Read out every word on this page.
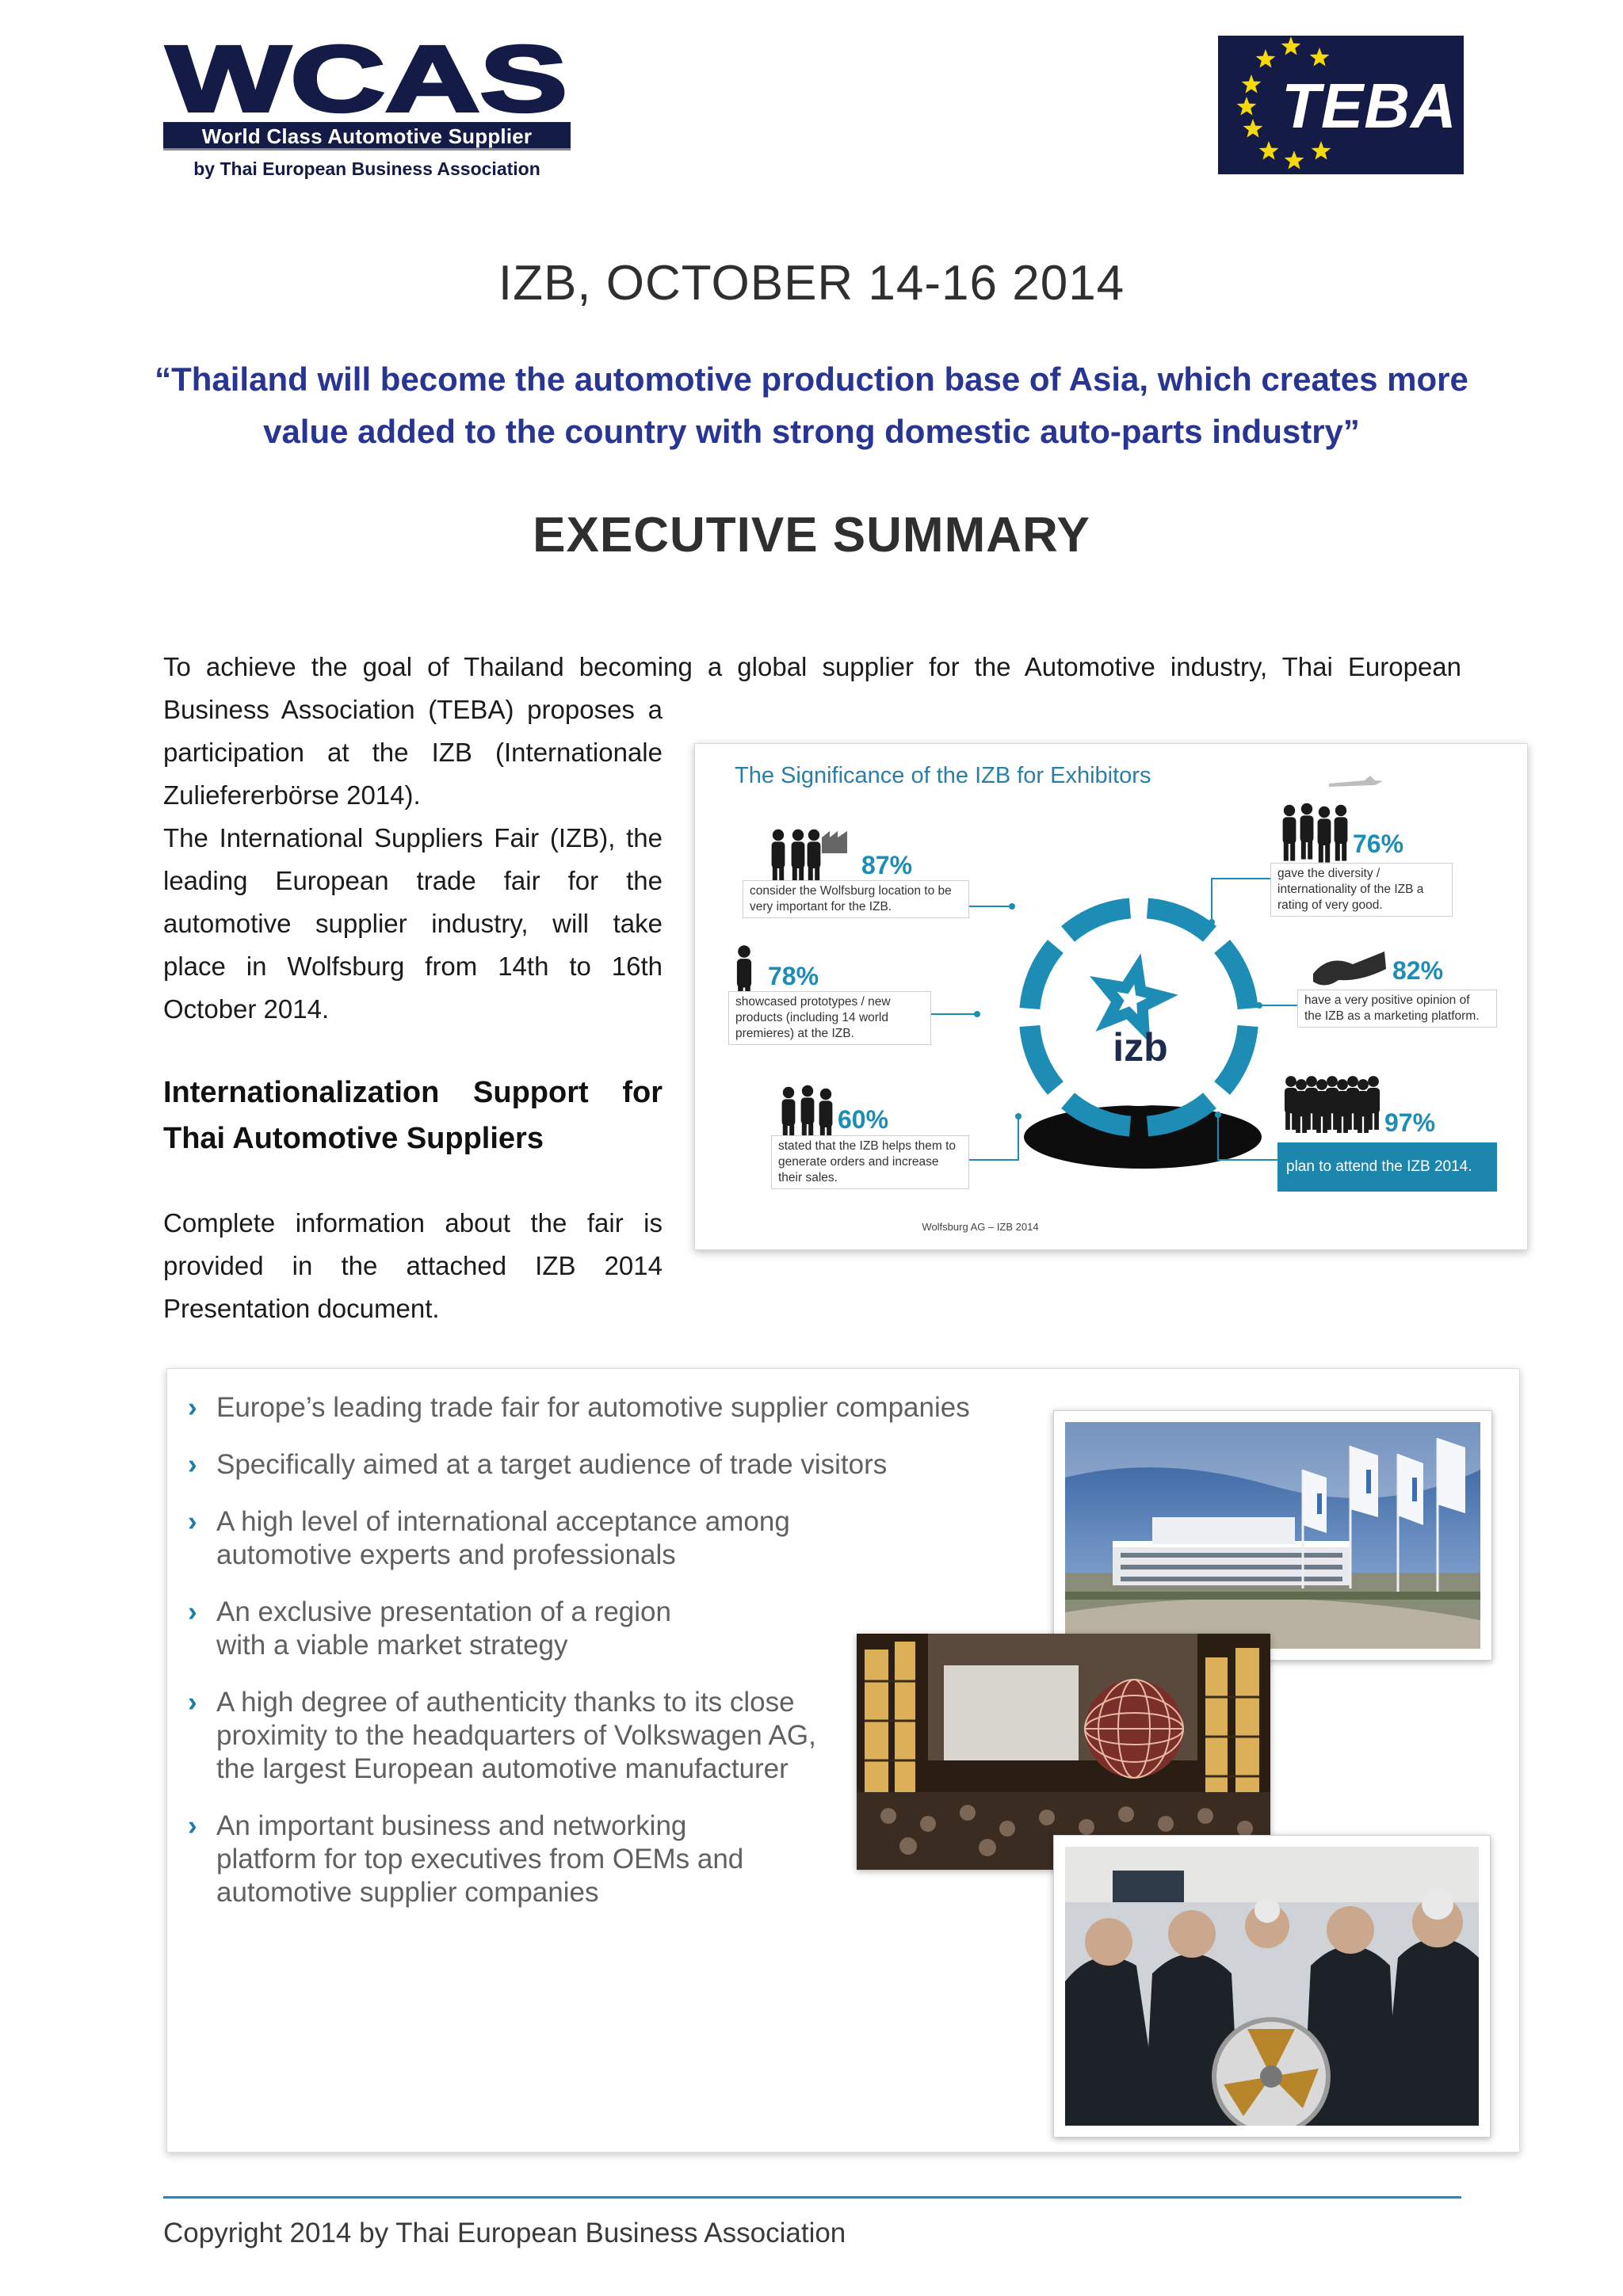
WCAS
World Class Automotive Supplier
by Thai European Business Association
TEBA
IZB, OCTOBER 14-16 2014
“Thailand will become the automotive production base of Asia, which creates more value added to the country with strong domestic auto-parts industry”
EXECUTIVE SUMMARY
To achieve the goal of Thailand becoming a global supplier for the Automotive industry, Thai European

Business Association (TEBA) proposes a participation at the IZB (Internationale Zuliefererbörse 2014).

The International Suppliers Fair (IZB), the leading European trade fair for the automotive supplier industry, will take place in Wolfsburg from 14th to 16th October 2014.

Internationalization Support for Thai Automotive Suppliers
Complete information about the fair is provided in the attached IZB 2014 Presentation document.
izb
The Significance of the IZB for Exhibitors
87%
consider the Wolfsburg location to be very important for the IZB.
78%
showcased prototypes / new products (including 14 world premieres) at the IZB.
60%
stated that the IZB helps them to generate orders and increase their sales.
76%
gave the diversity / internationality of the IZB a rating of very good.
82%
have a very positive opinion of the IZB as a marketing platform.
97%
plan to attend the IZB 2014.
Wolfsburg AG – IZB 2014
› Europe’s leading trade fair for automotive supplier companies
› Specifically aimed at a target audience of trade visitors
› A high level of international acceptance among
automotive experts and professionals
› An exclusive presentation of a region
with a viable market strategy
› A high degree of authenticity thanks to its close
proximity to the headquarters of Volkswagen AG,
the largest European automotive manufacturer
› An important business and networking
platform for top executives from OEMs and
automotive supplier companies
Copyright 2014 by Thai European Business Association
